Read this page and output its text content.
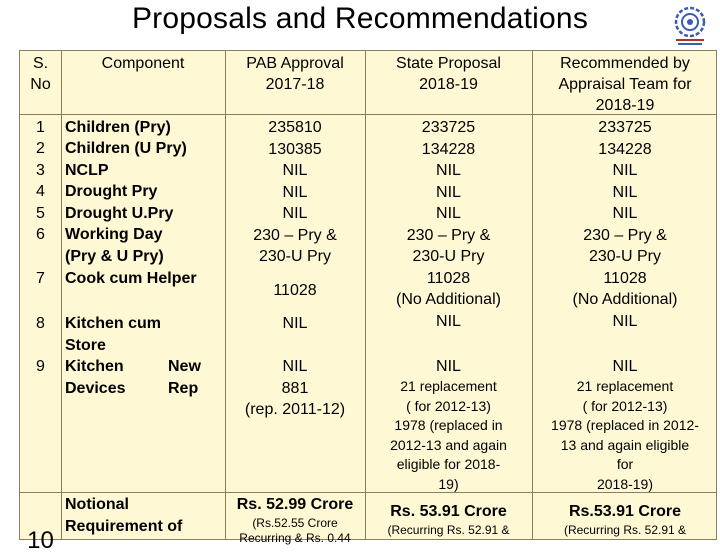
Proposals and Recommendations
S.
No
Component	PAB Approval
2017-18
State Proposal
2018-19
Recommended by
Appraisal Team for
2018-19
1
2
3
4
5
6
7
8
9
10
Children (Pry)
Children (U Pry)
NCLP
Drought Pry
Drought U.Pry
Working Day
(Pry & U Pry)
Cook cum Helper
Kitchen cum
Store
Kitchen
Devices
New
Rep
Notional
Requirement of
235810
130385
NIL
NIL
NIL
230 – Pry &
230-U Pry
11028
NIL
NIL
881
(rep. 2011-12)
Rs. 52.99 Crore
(Rs.52.55 Crore
Recurring & Rs. 0.44
233725
134228
NIL
NIL
NIL
230 – Pry &
230-U Pry
11028
(No Additional)
NIL
NIL
21 replacement
( for 2012-13)
1978 (replaced in
2012-13 and again
eligible for 2018-
19)
Rs. 53.91 Crore
(Recurring Rs. 52.91 &
233725
134228
NIL
NIL
NIL
230 – Pry &
230-U Pry
11028
(No Additional)
NIL
NIL
21 replacement
( for 2012-13)
1978 (replaced in 2012-
13 and again eligible
for
2018-19)
Rs.53.91 Crore
(Recurring Rs. 52.91 &
